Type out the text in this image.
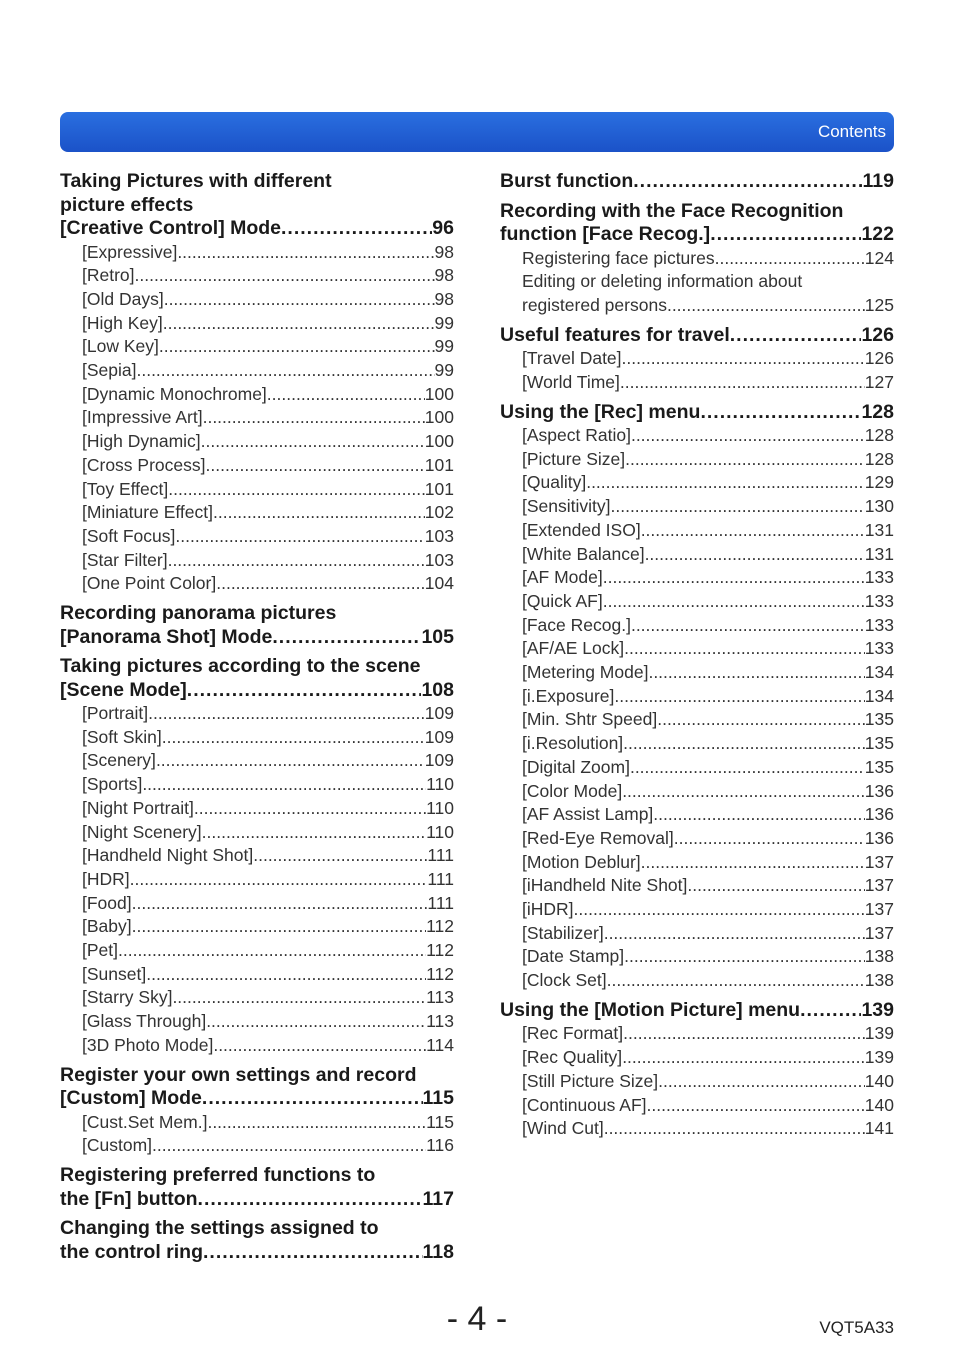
Contents
Taking Pictures with different
picture effects
[Creative Control] Mode .....	96
[Expressive] .....	98
[Retro] .....	98
[Old Days] .....	98
[High Key] .....	99
[Low Key] .....	99
[Sepia] .....	99
[Dynamic Monochrome] .....	100
[Impressive Art] .....	100
[High Dynamic] .....	100
[Cross Process] .....	101
[Toy Effect] .....	101
[Miniature Effect] .....	102
[Soft Focus] .....	103
[Star Filter] .....	103
[One Point Color] .....	104
Recording panorama pictures
[Panorama Shot] Mode .....	105
Taking pictures according to the scene
[Scene Mode] .....	108
[Portrait] .....	109
[Soft Skin] .....	109
[Scenery] .....	109
[Sports] .....	110
[Night Portrait] .....	110
[Night Scenery] .....	110
[Handheld Night Shot] .....	111
[HDR] .....	111
[Food] .....	111
[Baby] .....	112
[Pet] .....	112
[Sunset] .....	112
[Starry Sky] .....	113
[Glass Through] .....	113
[3D Photo Mode] .....	114
Register your own settings and record
[Custom] Mode .....	115
[Cust.Set Mem.] .....	115
[Custom] .....	116
Registering preferred functions to
the [Fn] button .....	117
Changing the settings assigned to
the control ring .....	118
Burst function .....	119
Recording with the Face Recognition
function [Face Recog.] .....	122
Registering face pictures .....	124
Editing or deleting information about
registered persons .....	125
Useful features for travel .....	126
[Travel Date] .....	126
[World Time] .....	127
Using the [Rec] menu .....	128
[Aspect Ratio] .....	128
[Picture Size] .....	128
[Quality] .....	129
[Sensitivity] .....	130
[Extended ISO] .....	131
[White Balance] .....	131
[AF Mode] .....	133
[Quick AF] .....	133
[Face Recog.] .....	133
[AF/AE Lock] .....	133
[Metering Mode] .....	134
[i.Exposure] .....	134
[Min. Shtr Speed] .....	135
[i.Resolution] .....	135
[Digital Zoom] .....	135
[Color Mode] .....	136
[AF Assist Lamp] .....	136
[Red-Eye Removal] .....	136
[Motion Deblur] .....	137
[iHandheld Nite Shot] .....	137
[iHDR] .....	137
[Stabilizer] .....	137
[Date Stamp] .....	138
[Clock Set] .....	138
Using the [Motion Picture] menu .....	139
[Rec Format] .....	139
[Rec Quality] .....	139
[Still Picture Size] .....	140
[Continuous AF] .....	140
[Wind Cut] .....	141
- 4 -	VQT5A33
